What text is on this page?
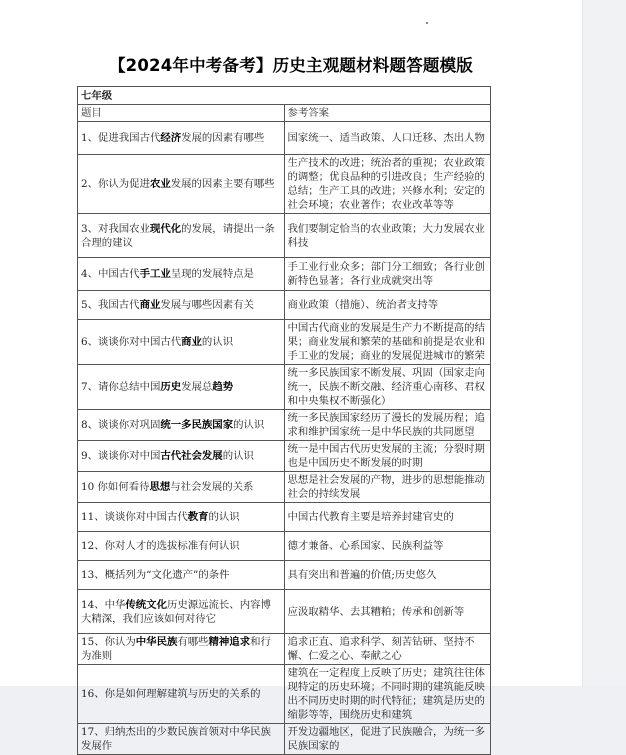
【2024年中考备考】历史主观题材料题答题模版
七年级	
题目	参考答案
1、促进我国古代经济发展的因素有哪些	国家统一、适当政策、人口迁移、杰出人物
2、你认为促进农业发展的因素主要有哪些	生产技术的改进；统治者的重视；农业政策的调整；优良品种的引进改良；生产经验的总结；生产工具的改进；兴修水利；安定的社会环境；农业著作；农业改革等等
3、对我国农业现代化的发展，请提出一条合理的建议	我们要制定恰当的农业政策；大力发展农业科技
4、中国古代手工业呈现的发展特点是	手工业行业众多；部门分工细致；各行业创新特色显著；各行业成就突出等
5、我国古代商业发展与哪些因素有关	商业政策（措施）、统治者支持等
6、谈谈你对中国古代商业的认识	中国古代商业的发展是生产力不断提高的结果；商业发展和繁荣的基础和前提是农业和手工业的发展；商业的发展促进城市的繁荣
7、请你总结中国历史发展总趋势	统一多民族国家不断发展、巩固（国家走向统一，民族不断交融、经济重心南移、君权和中央集权不断强化）
8、谈谈你对巩固统一多民族国家的认识	统一多民族国家经历了漫长的发展历程；追求和维护国家统一是中华民族的共同愿望
9、谈谈你对中国古代社会发展的认识	统一是中国古代历史发展的主流；分裂时期也是中国历史不断发展的时期
10 你如何看待思想与社会发展的关系	思想是社会发展的产物，进步的思想能推动社会的持续发展
11、谈谈你对中国古代教育的认识	中国古代教育主要是培养封建官史的
12、你对人才的选拔标准有何认识	德才兼备、心系国家、民族利益等
13、概括列为“文化遗产”的条件	具有突出和普遍的价值;历史悠久
14、中华传统文化历史源远流长、内容博大精深，我们应该如何对待它	应汲取精华、去其糟粕；传承和创新等
15、你认为中华民族有哪些精神追求和行为准则	追求正直、追求科学、刻苦钻研、坚持不懈、仁爱之心、奉献之心
16、你是如何理解建筑与历史的关系的	建筑在一定程度上反映了历史；建筑往往体现特定的历史环境；不同时期的建筑能反映出不同历史时期的时代特征；建筑是历史的缩影等等，围绕历史和建筑
17、归纳杰出的少数民族首领对中华民族发展作	开发边疆地区，促进了民族融合，为统一多民族国家的
